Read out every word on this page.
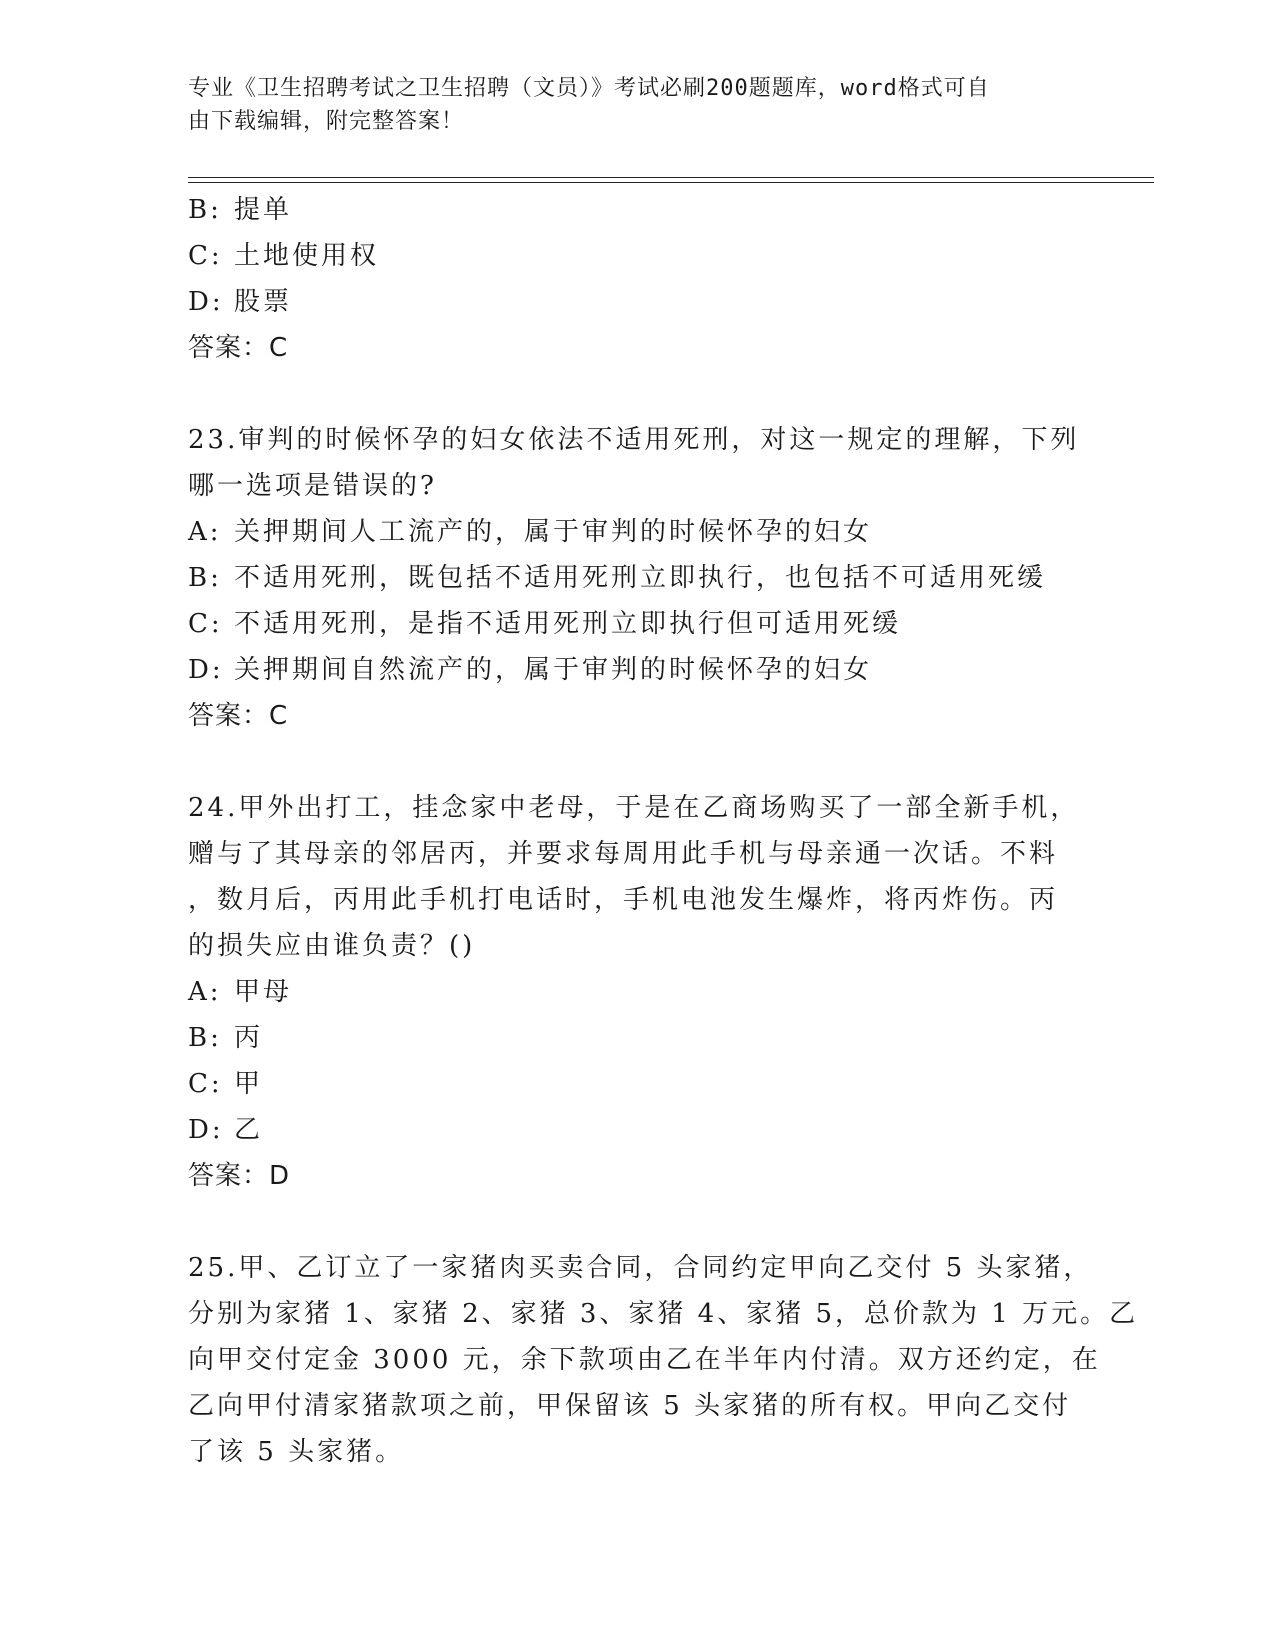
专业《卫生招聘考试之卫生招聘（文员）》考试必刷200题题库，word格式可自
由下载编辑，附完整答案！
B: 提单
C: 土地使用权
D: 股票
答案：C
23.审判的时候怀孕的妇女依法不适用死刑，对这一规定的理解，下列
哪一选项是错误的?
A: 关押期间人工流产的，属于审判的时候怀孕的妇女
B: 不适用死刑，既包括不适用死刑立即执行，也包括不可适用死缓
C: 不适用死刑，是指不适用死刑立即执行但可适用死缓
D: 关押期间自然流产的，属于审判的时候怀孕的妇女
答案：C
24.甲外出打工，挂念家中老母，于是在乙商场购买了一部全新手机，
赠与了其母亲的邻居丙，并要求每周用此手机与母亲通一次话。不料
，数月后，丙用此手机打电话时，手机电池发生爆炸，将丙炸伤。丙
的损失应由谁负责？()
A: 甲母
B: 丙
C: 甲
D: 乙
答案：D
25.甲、乙订立了一家猪肉买卖合同，合同约定甲向乙交付 5 头家猪，
分别为家猪 1、家猪 2、家猪 3、家猪 4、家猪 5，总价款为 1 万元。乙
向甲交付定金 3000 元，余下款项由乙在半年内付清。双方还约定，在
乙向甲付清家猪款项之前，甲保留该 5 头家猪的所有权。甲向乙交付
了该 5 头家猪。
